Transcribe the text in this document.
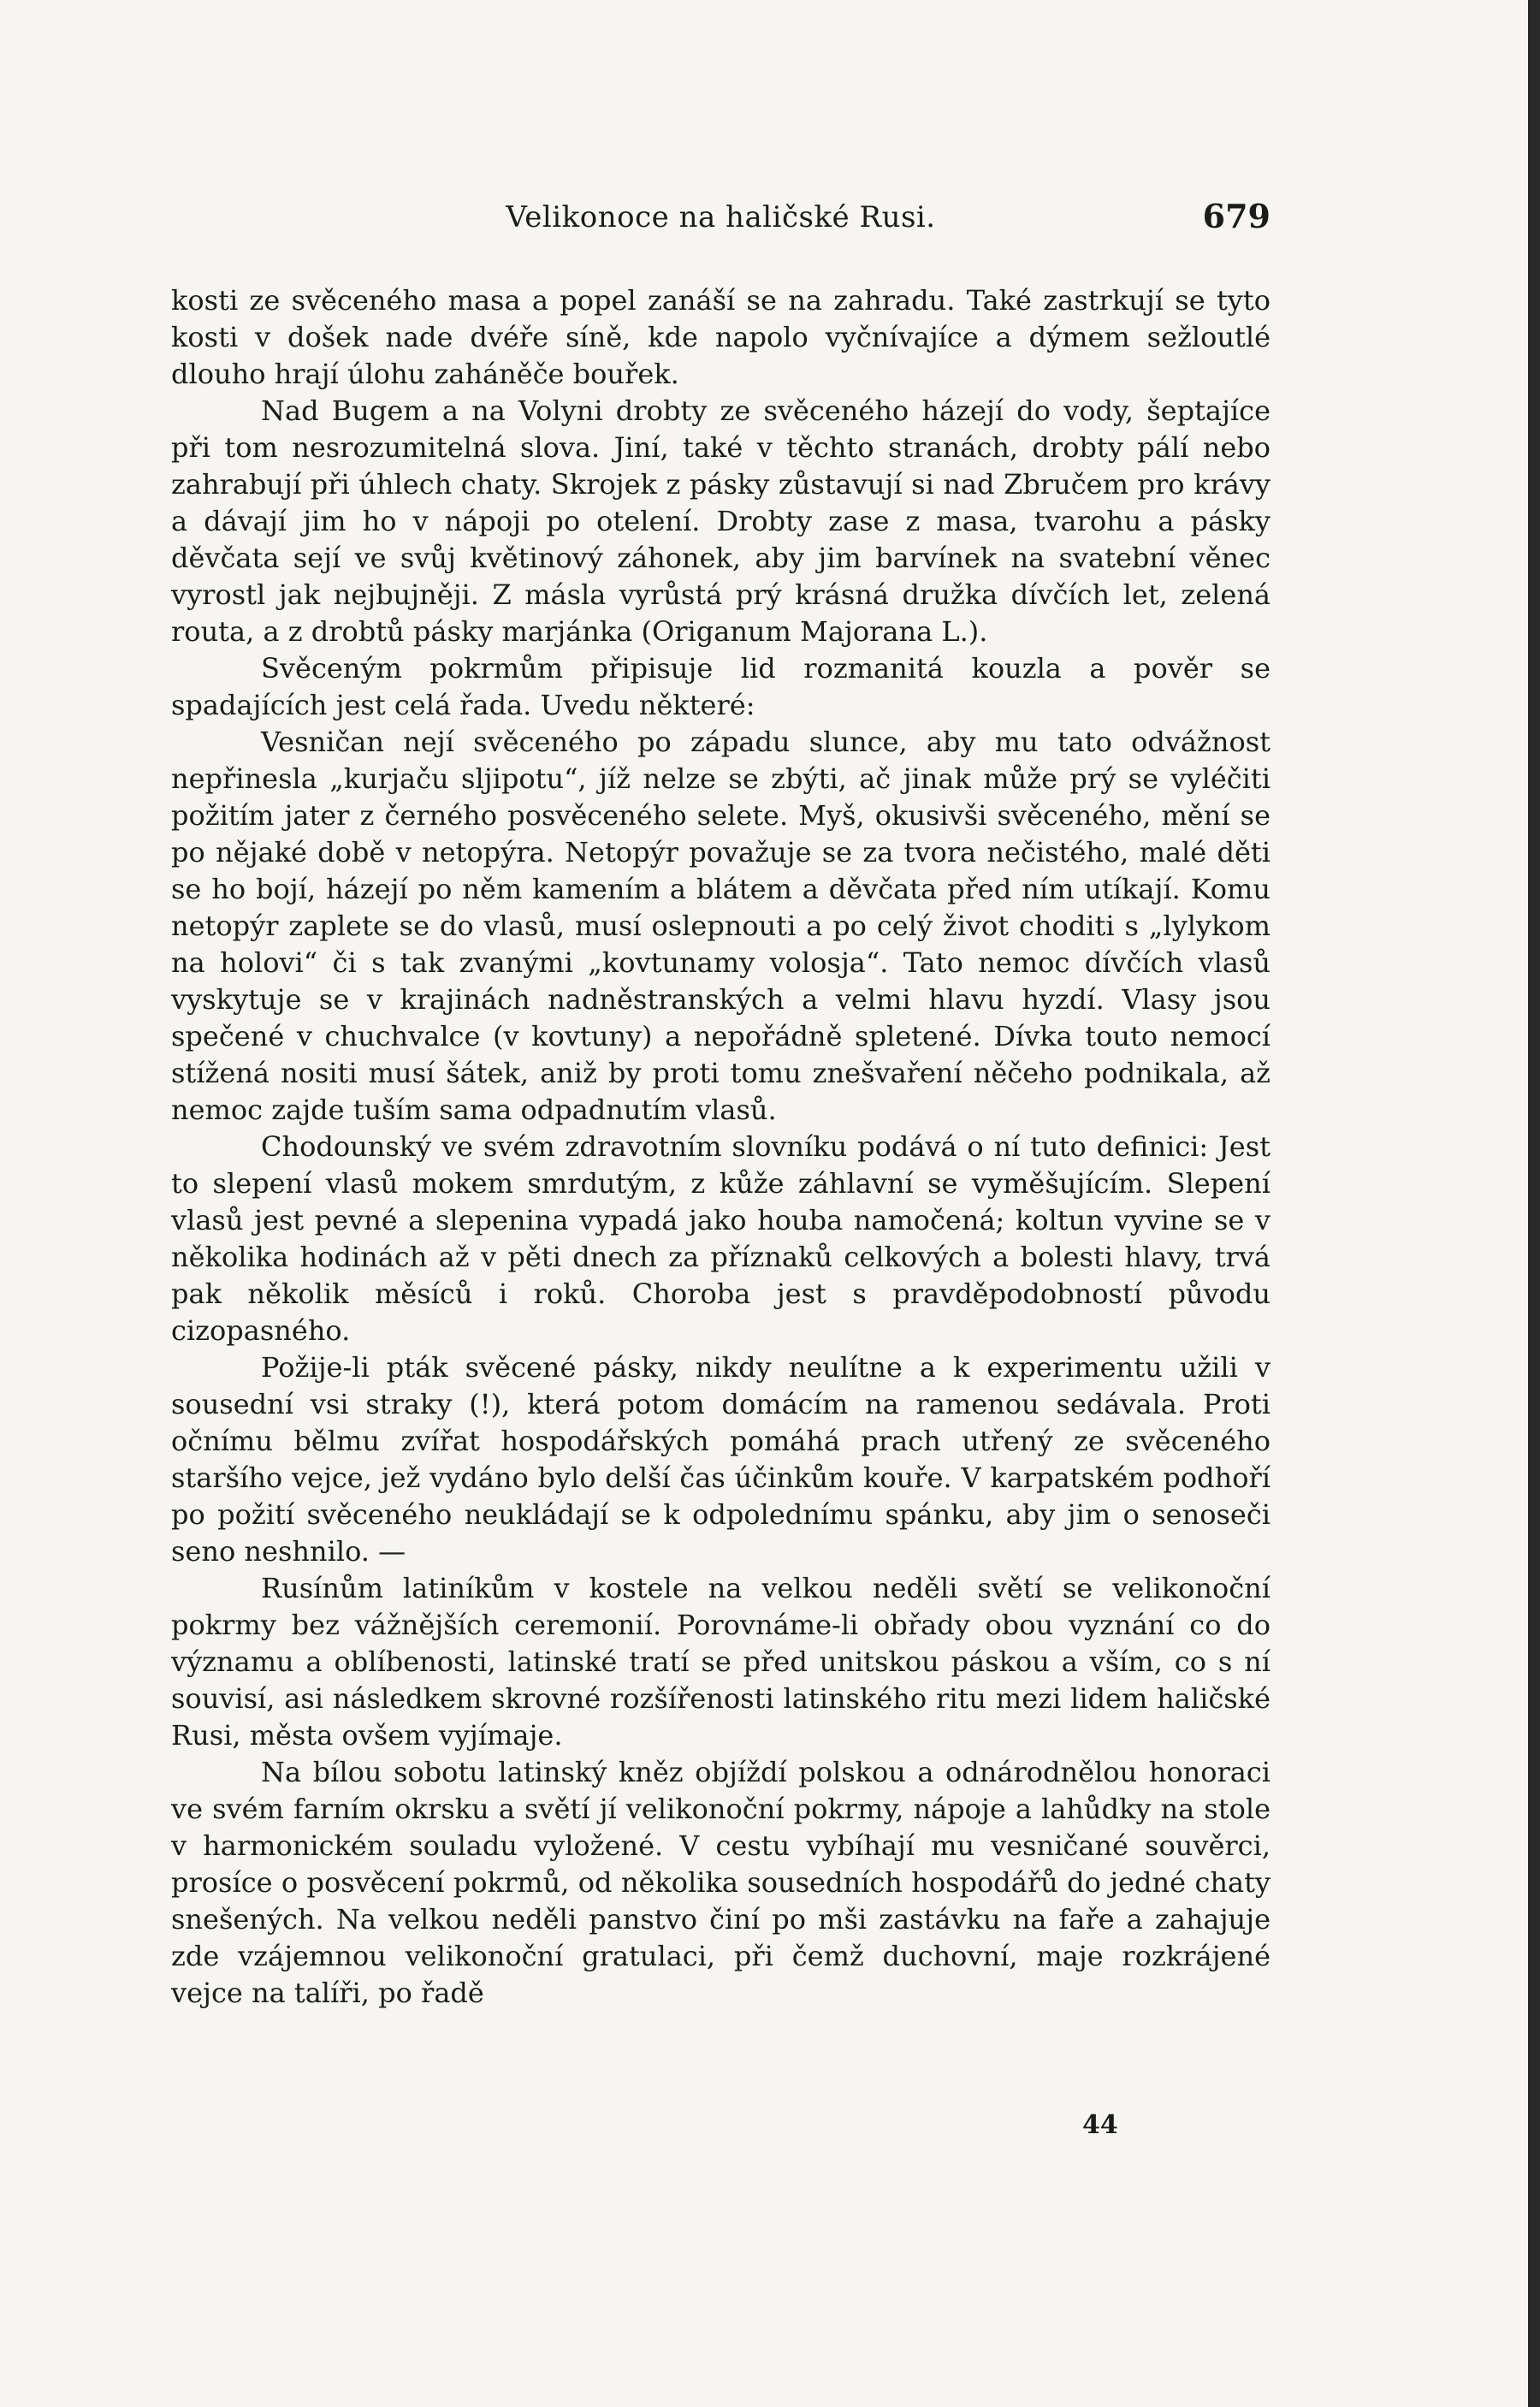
Velikonoce na haličské Rusi.	679

kosti ze svěceného masa a popel zanáší se na zahradu. Také zastrkují se tyto kosti v došek nade dvéře síně, kde napolo vyčnívajíce a dýmem sežloutlé dlouho hrají úlohu zaháněče bouřek.

Nad Bugem a na Volyni drobty ze svěceného házejí do vody, šeptajíce při tom nesrozumitelná slova. Jiní, také v těchto stranách, drobty pálí nebo zahrabují při úhlech chaty. Skrojek z pásky zůstavují si nad Zbručem pro krávy a dávají jim ho v nápoji po otelení. Drobty zase z masa, tvarohu a pásky děvčata sejí ve svůj květinový záhonek, aby jim barvínek na svatební věnec vyrostl jak nejbujněji. Z másla vyrůstá prý krásná družka dívčích let, zelená routa, a z drobtů pásky marjánka (Origanum Majorana L.).

Svěceným pokrmům připisuje lid rozmanitá kouzla a pověr se spadajících jest celá řada. Uvedu některé:

Vesničan nejí svěceného po západu slunce, aby mu tato odvážnost nepřinesla „kurjaču sljipotu“, jíž nelze se zbýti, ač jinak může prý se vyléčiti požitím jater z černého posvěceného selete. Myš, okusivši svěceného, mění se po nějaké době v netopýra. Netopýr považuje se za tvora nečistého, malé děti se ho bojí, házejí po něm kamením a blátem a děvčata před ním utíkají. Komu netopýr zaplete se do vlasů, musí oslepnouti a po celý život choditi s „lylykom na holovi“ či s tak zvanými „kovtunamy volosja“. Tato nemoc dívčích vlasů vyskytuje se v krajinách nadněstranských a velmi hlavu hyzdí. Vlasy jsou spečené v chuchvalce (v kovtuny) a nepořádně spletené. Dívka touto nemocí stížená nositi musí šátek, aniž by proti tomu znešvaření něčeho podnikala, až nemoc zajde tuším sama odpadnutím vlasů.

Chodounský ve svém zdravotním slovníku podává o ní tuto definici: Jest to slepení vlasů mokem smrdutým, z kůže záhlavní se vyměšujícím. Slepení vlasů jest pevné a slepenina vypadá jako houba namočená; koltun vyvine se v několika hodinách až v pěti dnech za příznaků celkových a bolesti hlavy, trvá pak několik měsíců i roků. Choroba jest s pravděpodobností původu cizopasného.

Požije-li pták svěcené pásky, nikdy neulítne a k experimentu užili v sousední vsi straky (!), která potom domácím na ramenou sedávala. Proti očnímu bělmu zvířat hospodářských pomáhá prach utřený ze svěceného staršího vejce, jež vydáno bylo delší čas účinkům kouře. V karpatském podhoří po požití svěceného neukládají se k odpolednímu spánku, aby jim o senoseči seno neshnilo. —

Rusínům latiníkům v kostele na velkou neděli světí se velikonoční pokrmy bez vážnějších ceremonií. Porovnáme-li obřady obou vyznání co do významu a oblíbenosti, latinské tratí se před unitskou páskou a vším, co s ní souvisí, asi následkem skrovné rozšířenosti latinského ritu mezi lidem haličské Rusi, města ovšem vyjímaje.

Na bílou sobotu latinský kněz objíždí polskou a odnárodnělou honoraci ve svém farním okrsku a světí jí velikonoční pokrmy, nápoje a lahůdky na stole v harmonickém souladu vyložené. V cestu vybíhají mu vesničané souvěrci, prosíce o posvěcení pokrmů, od několika sousedních hospodářů do jedné chaty snešených. Na velkou neděli panstvo činí po mši zastávku na faře a zahajuje zde vzájemnou velikonoční gratulaci, při čemž duchovní, maje rozkrájené vejce na talíři, po řadě

44
